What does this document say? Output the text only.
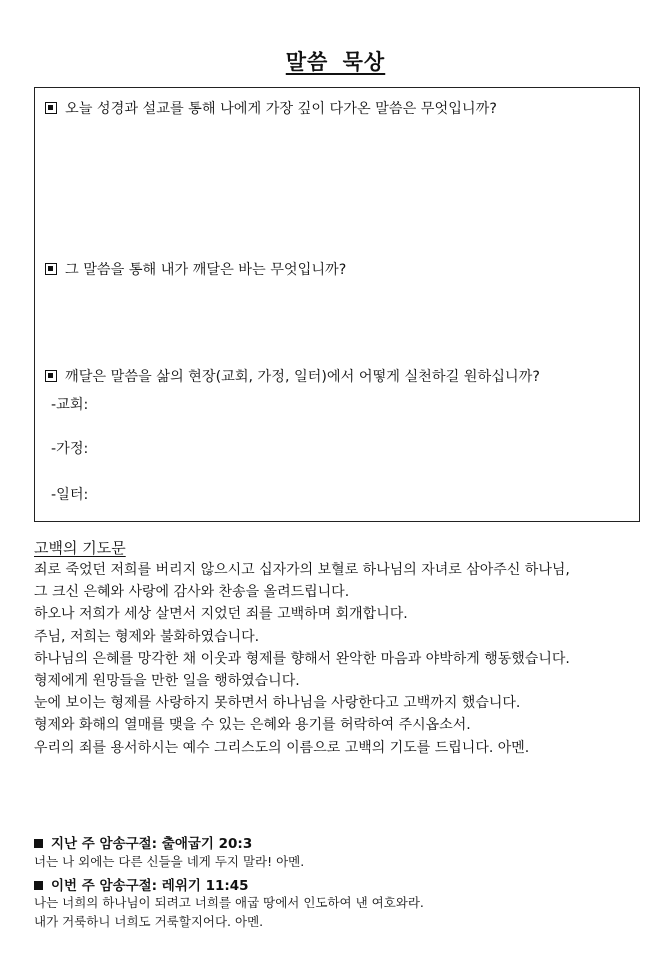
말씀 묵상
오늘 성경과 설교를 통해 나에게 가장 깊이 다가온 말씀은 무엇입니까?
그 말씀을 통해 내가 깨달은 바는 무엇입니까?
깨달은 말씀을 삶의 현장(교회, 가정, 일터)에서 어떻게 실천하길 원하십니까?
-교회:
-가정:
-일터:
고백의 기도문
죄로 죽었던 저희를 버리지 않으시고 십자가의 보혈로 하나님의 자녀로 삼아주신 하나님,
그 크신 은혜와 사랑에 감사와 찬송을 올려드립니다.
하오나 저희가 세상 살면서 지었던 죄를 고백하며 회개합니다.
주님, 저희는 형제와 불화하였습니다.
하나님의 은혜를 망각한 채 이웃과 형제를 향해서 완악한 마음과 야박하게 행동했습니다.
형제에게 원망들을 만한 일을 행하였습니다.
눈에 보이는 형제를 사랑하지 못하면서 하나님을 사랑한다고 고백까지 했습니다.
형제와 화해의 열매를 맺을 수 있는 은혜와 용기를 허락하여 주시옵소서.
우리의 죄를 용서하시는 예수 그리스도의 이름으로 고백의 기도를 드립니다. 아멘.
지난 주 암송구절: 출애굽기 20:3
너는 나 외에는 다른 신들을 네게 두지 말라! 아멘.
이번 주 암송구절: 레위기 11:45
나는 너희의 하나님이 되려고 너희를 애굽 땅에서 인도하여 낸 여호와라.
내가 거룩하니 너희도 거룩할지어다. 아멘.
